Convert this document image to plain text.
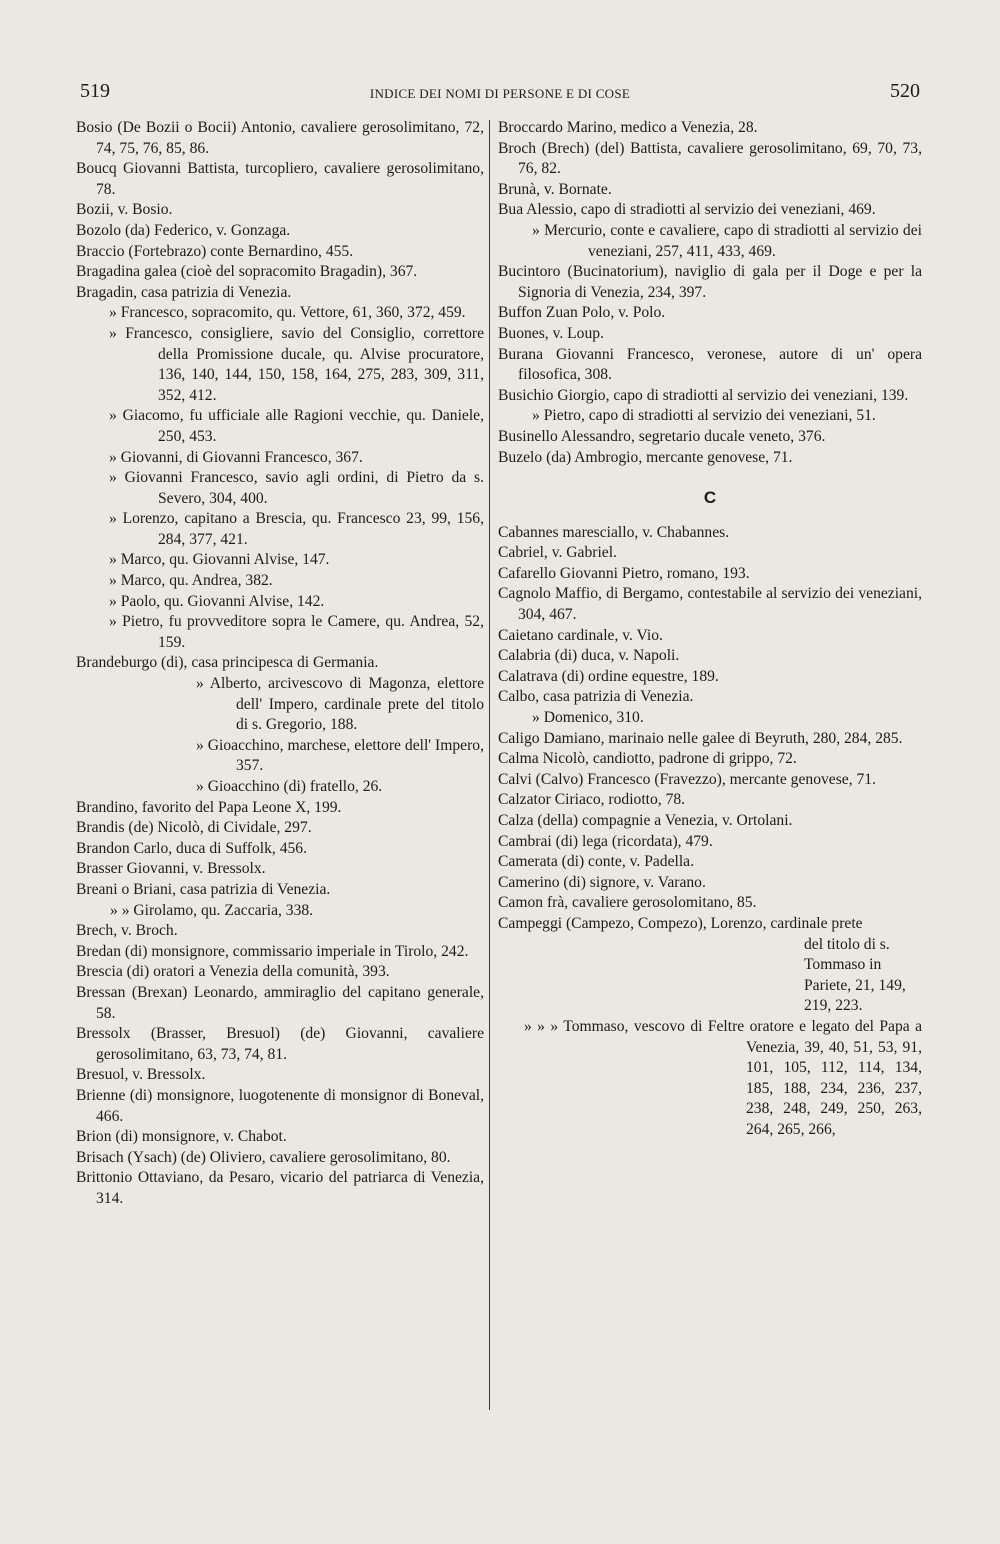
519	INDICE DEI NOMI DI PERSONE E DI COSE	520
Bosio (De Bozii o Bocii) Antonio, cavaliere gerosolimitano, 72, 74, 75, 76, 85, 86.
Boucq Giovanni Battista, turcopliero, cavaliere gerosolimitano, 78.
Bozii, v. Bosio.
Bozolo (da) Federico, v. Gonzaga.
Braccio (Fortebrazo) conte Bernardino, 455.
Bragadina galea (cioè del sopracomito Bragadin), 367.
Bragadin, casa patrizia di Venezia.
» Francesco, sopracomito, qu. Vettore, 61, 360, 372, 459.
» Francesco, consigliere, savio del Consiglio, correttore della Promissione ducale, qu. Alvise procuratore, 136, 140, 144, 150, 158, 164, 275, 283, 309, 311, 352, 412.
» Giacomo, fu ufficiale alle Ragioni vecchie, qu. Daniele, 250, 453.
» Giovanni, di Giovanni Francesco, 367.
» Giovanni Francesco, savio agli ordini, di Pietro da s. Severo, 304, 400.
» Lorenzo, capitano a Brescia, qu. Francesco 23, 99, 156, 284, 377, 421.
» Marco, qu. Giovanni Alvise, 147.
» Marco, qu. Andrea, 382.
» Paolo, qu. Giovanni Alvise, 142.
» Pietro, fu provveditore sopra le Camere, qu. Andrea, 52, 159.
Brandeburgo (di), casa principesca di Germania.
» Alberto, arcivescovo di Magonza, elettore dell' Impero, cardinale prete del titolo di s. Gregorio, 188.
» Gioacchino, marchese, elettore dell' Impero, 357.
» Gioacchino (di) fratello, 26.
Brandino, favorito del Papa Leone X, 199.
Brandis (de) Nicolò, di Cividale, 297.
Brandon Carlo, duca di Suffolk, 456.
Brasser Giovanni, v. Bressolx.
Breani o Briani, casa patrizia di Venezia.
» » Girolamo, qu. Zaccaria, 338.
Brech, v. Broch.
Bredan (di) monsignore, commissario imperiale in Tirolo, 242.
Brescia (di) oratori a Venezia della comunità, 393.
Bressan (Brexan) Leonardo, ammiraglio del capitano generale, 58.
Bressolx (Brasser, Bresuol) (de) Giovanni, cavaliere gerosolimitano, 63, 73, 74, 81.
Bresuol, v. Bressolx.
Brienne (di) monsignore, luogotenente di monsignor di Boneval, 466.
Brion (di) monsignore, v. Chabot.
Brisach (Ysach) (de) Oliviero, cavaliere gerosolimitano, 80.
Brittonio Ottaviano, da Pesaro, vicario del patriarca di Venezia, 314.
Broccardo Marino, medico a Venezia, 28.
Broch (Brech) (del) Battista, cavaliere gerosolimitano, 69, 70, 73, 76, 82.
Brunà, v. Bornate.
Bua Alessio, capo di stradiotti al servizio dei veneziani, 469.
» Mercurio, conte e cavaliere, capo di stradiotti al servizio dei veneziani, 257, 411, 433, 469.
Bucintoro (Bucinatorium), naviglio di gala per il Doge e per la Signoria di Venezia, 234, 397.
Buffon Zuan Polo, v. Polo.
Buones, v. Loup.
Burana Giovanni Francesco, veronese, autore di un' opera filosofica, 308.
Busichio Giorgio, capo di stradiotti al servizio dei veneziani, 139.
» Pietro, capo di stradiotti al servizio dei veneziani, 51.
Businello Alessandro, segretario ducale veneto, 376.
Buzelo (da) Ambrogio, mercante genovese, 71.
C
Cabannes maresciallo, v. Chabannes.
Cabriel, v. Gabriel.
Cafarello Giovanni Pietro, romano, 193.
Cagnolo Maffio, di Bergamo, contestabile al servizio dei veneziani, 304, 467.
Caietano cardinale, v. Vio.
Calabria (di) duca, v. Napoli.
Calatrava (di) ordine equestre, 189.
Calbo, casa patrizia di Venezia.
» Domenico, 310.
Caligo Damiano, marinaio nelle galee di Beyruth, 280, 284, 285.
Calma Nicolò, candiotto, padrone di grippo, 72.
Calvi (Calvo) Francesco (Fravezzo), mercante genovese, 71.
Calzator Ciriaco, rodiotto, 78.
Calza (della) compagnie a Venezia, v. Ortolani.
Cambrai (di) lega (ricordata), 479.
Camerata (di) conte, v. Padella.
Camerino (di) signore, v. Varano.
Camon frà, cavaliere gerosolomitano, 85.
Campeggi (Campezo, Compezo), Lorenzo, cardinale prete
del titolo di s. Tommaso in Pariete, 21, 149, 219, 223.
» » » Tommaso, vescovo di Feltre oratore e legato del Papa a Venezia, 39, 40, 51, 53, 91, 101, 105, 112, 114, 134, 185, 188, 234, 236, 237, 238, 248, 249, 250, 263, 264, 265, 266,
